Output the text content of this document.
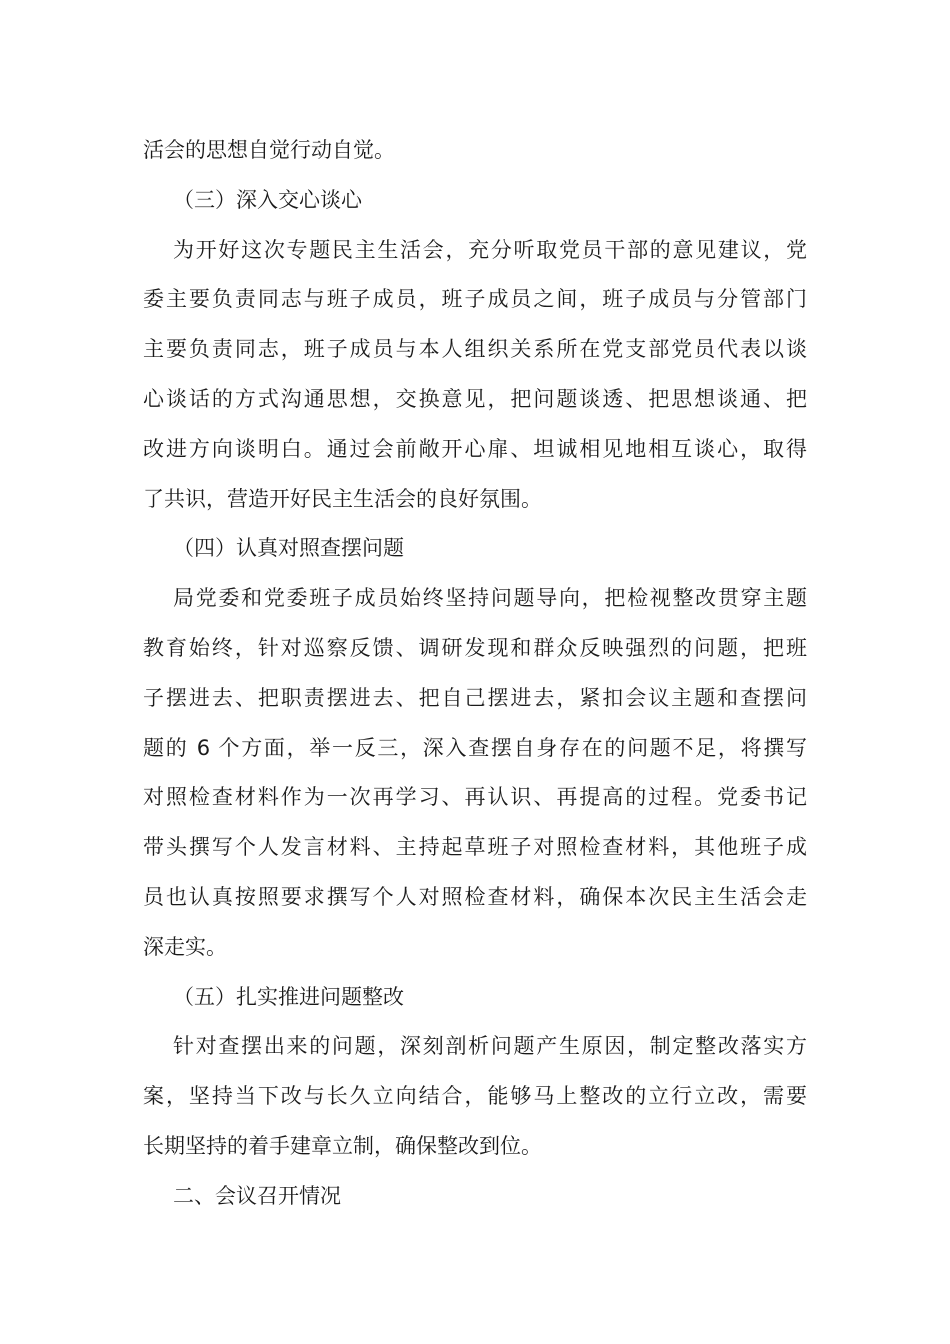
活会的思想自觉行动自觉。
（三）深入交心谈心
为开好这次专题民主生活会，充分听取党员干部的意见建议，党
委主要负责同志与班子成员，班子成员之间，班子成员与分管部门
主要负责同志，班子成员与本人组织关系所在党支部党员代表以谈
心谈话的方式沟通思想，交换意见，把问题谈透、把思想谈通、把
改进方向谈明白。通过会前敞开心扉、坦诚相见地相互谈心，取得
了共识，营造开好民主生活会的良好氛围。
（四）认真对照查摆问题
局党委和党委班子成员始终坚持问题导向，把检视整改贯穿主题
教育始终，针对巡察反馈、调研发现和群众反映强烈的问题，把班
子摆进去、把职责摆进去、把自己摆进去，紧扣会议主题和查摆问
题的 6 个方面，举一反三，深入查摆自身存在的问题不足，将撰写
对照检查材料作为一次再学习、再认识、再提高的过程。党委书记
带头撰写个人发言材料、主持起草班子对照检查材料，其他班子成
员也认真按照要求撰写个人对照检查材料，确保本次民主生活会走
深走实。
（五）扎实推进问题整改
针对查摆出来的问题，深刻剖析问题产生原因，制定整改落实方
案，坚持当下改与长久立向结合，能够马上整改的立行立改，需要
长期坚持的着手建章立制，确保整改到位。
二、会议召开情况
